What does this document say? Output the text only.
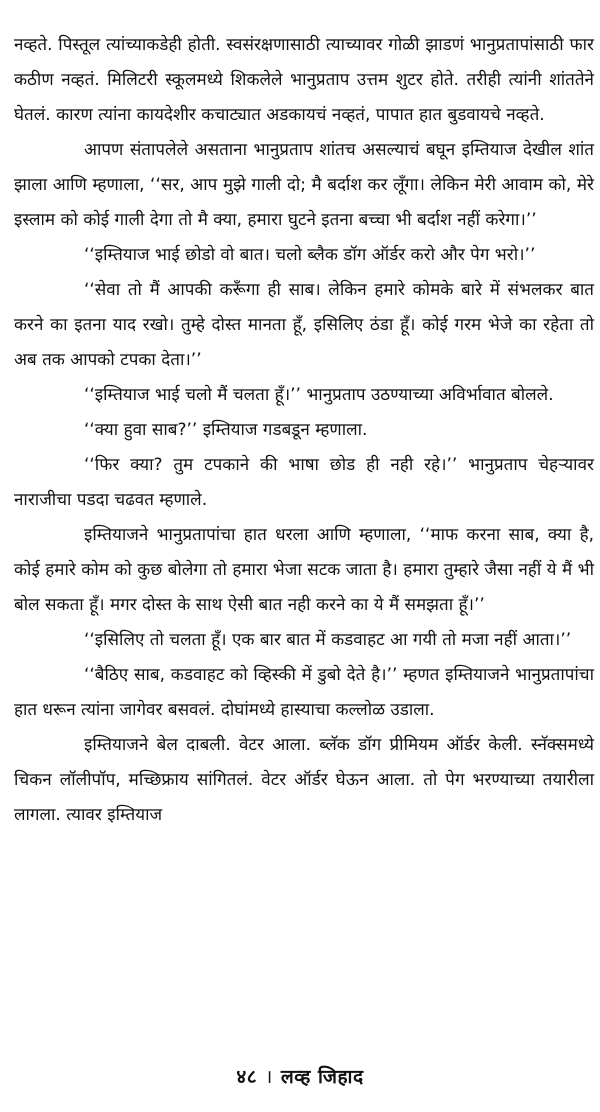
नव्हते. पिस्तूल त्यांच्याकडेही होती. स्वसंरक्षणासाठी त्याच्यावर गोळी झाडणं भानुप्रतापांसाठी फार कठीण नव्हतं. मिलिटरी स्कूलमध्ये शिकलेले भानुप्रताप उत्तम शुटर होते. तरीही त्यांनी शांततेने घेतलं. कारण त्यांना कायदेशीर कचाट्यात अडकायचं नव्हतं, पापात हात बुडवायचे नव्हते.

आपण संतापलेले असताना भानुप्रताप शांतच असल्याचं बघून इम्तियाज देखील शांत झाला आणि म्हणाला, ‘‘सर, आप मुझे गाली दो; मै बर्दाश कर लूँगा। लेकिन मेरी आवाम को, मेरे इस्लाम को कोई गाली देगा तो मै क्या, हमारा घुटने इतना बच्चा भी बर्दाश नहीं करेगा।’’

‘‘इम्तियाज भाई छोडो वो बात। चलो ब्लैक डॉग ऑर्डर करो और पेग भरो।’’

‘‘सेवा तो मैं आपकी करूँगा ही साब। लेकिन हमारे कोमके बारे में संभलकर बात करने का इतना याद रखो। तुम्हे दोस्त मानता हूँ, इसिलिए ठंडा हूँ। कोई गरम भेजे का रहेता तो अब तक आपको टपका देता।’’

‘‘इम्तियाज भाई चलो मैं चलता हूँ।’’ भानुप्रताप उठण्याच्या अविर्भावात बोलले.

‘‘क्या हुवा साब?’’ इम्तियाज गडबडून म्हणाला.

‘‘फिर क्या? तुम टपकाने की भाषा छोड ही नही रहे।’’ भानुप्रताप चेहऱ्यावर नाराजीचा पडदा चढवत म्हणाले.

इम्तियाजने भानुप्रतापांचा हात धरला आणि म्हणाला, ‘‘माफ करना साब, क्या है, कोई हमारे कोम को कुछ बोलेगा तो हमारा भेजा सटक जाता है। हमारा तुम्हारे जैसा नहीं ये मैं भी बोल सकता हूँ। मगर दोस्त के साथ ऐसी बात नही करने का ये मैं समझता हूँ।’’

‘‘इसिलिए तो चलता हूँ। एक बार बात में कडवाहट आ गयी तो मजा नहीं आता।’’

‘‘बैठिए साब, कडवाहट को व्हिस्की में डुबो देते है।’’ म्हणत इम्तियाजने भानुप्रतापांचा हात धरून त्यांना जागेवर बसवलं. दोघांमध्ये हास्याचा कल्लोळ उडाला.

इम्तियाजने बेल दाबली. वेटर आला. ब्लॅक डॉग प्रीमियम ऑर्डर केली. स्नॅक्समध्ये चिकन लॉलीपॉप, मच्छिफ्राय सांगितलं. वेटर ऑर्डर घेऊन आला. तो पेग भरण्याच्या तयारीला लागला. त्यावर इम्तियाज

४८ । लव्ह जिहाद
